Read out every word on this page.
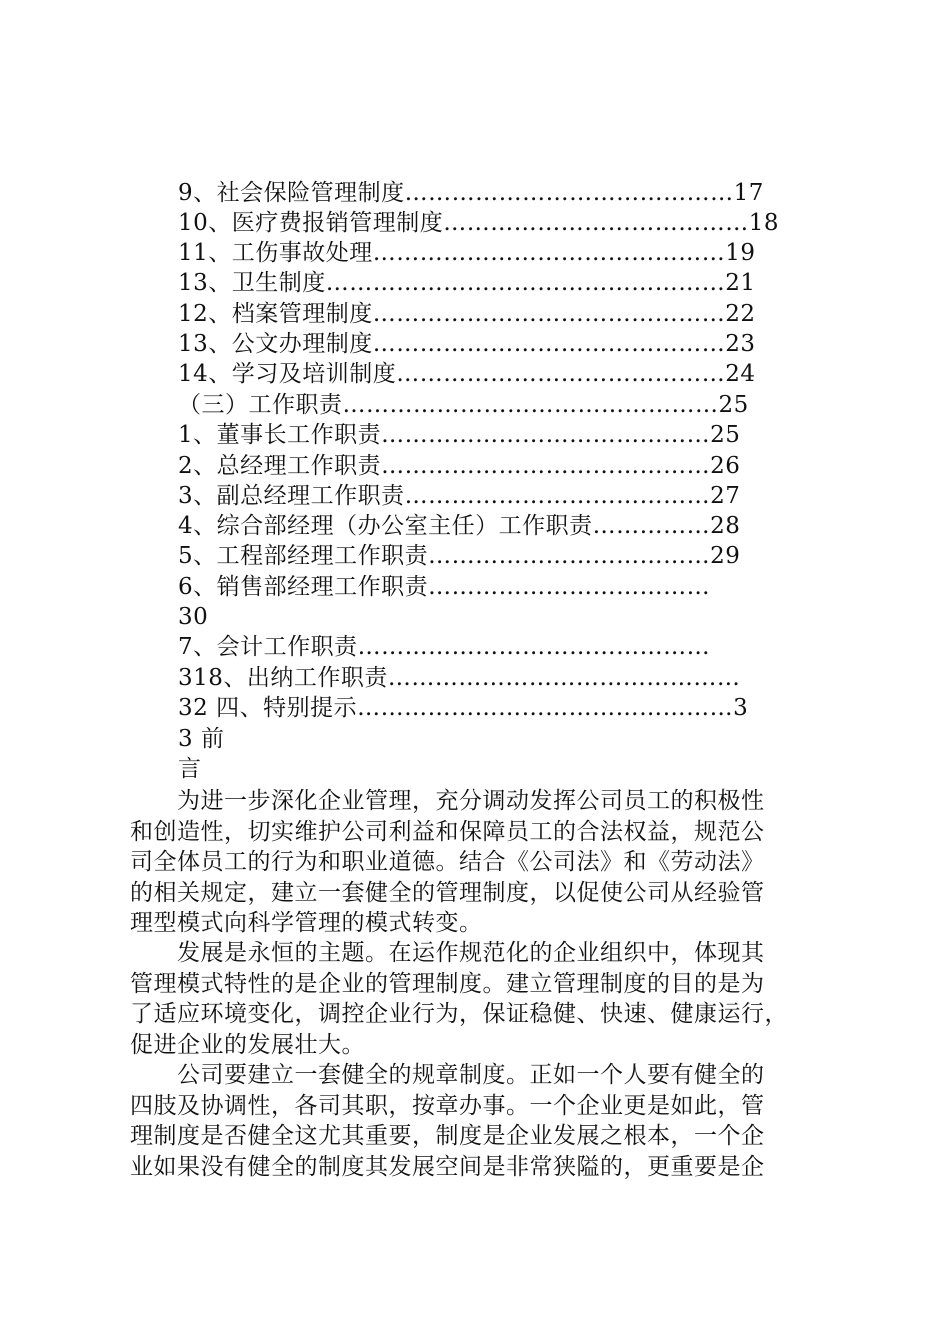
9、社会保险管理制度……………………………………17
10、医疗费报销管理制度…………………………………18
11、工伤事故处理………………………………………19
13、卫生制度……………………………………………21
12、档案管理制度………………………………………22
13、公文办理制度………………………………………23
14、学习及培训制度……………………………………24
（三）工作职责…………………………………………25
1、董事长工作职责……………………………………25
2、总经理工作职责……………………………………26
3、副总经理工作职责…………………………………27
4、综合部经理（办公室主任）工作职责……………28
5、工程部经理工作职责………………………………29
6、销售部经理工作职责………………………………
30
7、会计工作职责………………………………………
318、出纳工作职责………………………………………
32 四、特别提示…………………………………………3
3 前
言
　　为进一步深化企业管理，充分调动发挥公司员工的积极性
和创造性，切实维护公司利益和保障员工的合法权益，规范公
司全体员工的行为和职业道德。结合《公司法》和《劳动法》
的相关规定，建立一套健全的管理制度，以促使公司从经验管
理型模式向科学管理的模式转变。
　　发展是永恒的主题。在运作规范化的企业组织中，体现其
管理模式特性的是企业的管理制度。建立管理制度的目的是为
了适应环境变化，调控企业行为，保证稳健、快速、健康运行，
促进企业的发展壮大。
　　公司要建立一套健全的规章制度。正如一个人要有健全的
四肢及协调性，各司其职，按章办事。一个企业更是如此，管
理制度是否健全这尤其重要，制度是企业发展之根本，一个企
业如果没有健全的制度其发展空间是非常狭隘的，更重要是企
